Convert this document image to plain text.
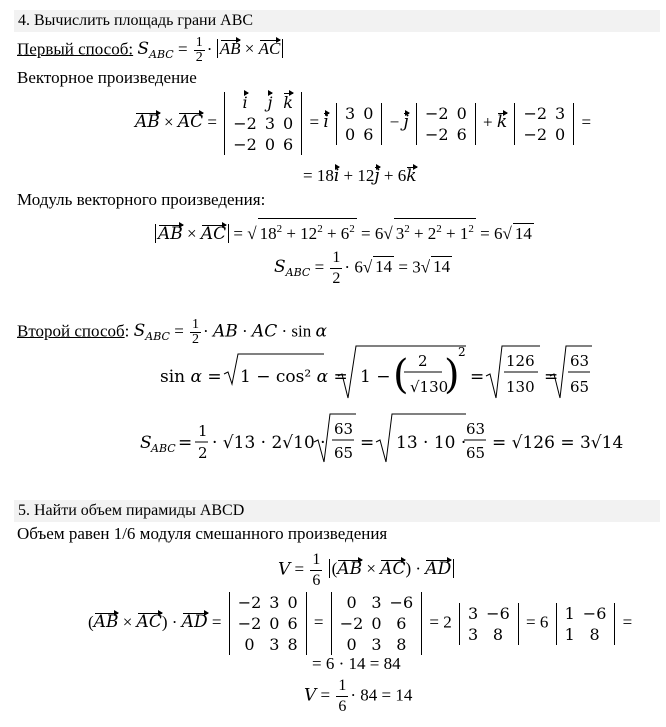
4. Вычислить площадь грани ABC
Первый способ: $S_{ABC} = \frac{1}{2}$ · AB × AC
Векторное произведение
AB × AC =
i	j	k
−2	3	0
−2	0	6
= i 3	0
0	6
− j −2	0
−2	6
+ k −2	3
−2	0
=
= 18i + 12j + 6k
Модуль векторного произведения:
AB × AC = √ $18^2 + 12^2 + 6^2 = 6√$ $3^2 + 2^2 + 1^2 = 6√$ 14
$S_{ABC} = \frac{1}{2} \cdot 6√$ 14 = 3√ 14
Второй способ: $S_{ABC} = \frac{1}{2}$ · AB · AC · sin α
sin α = 1 − cos² α = 1 − ( 2
√130
)
2
=
126
130 =
63
65
S ABC =
1
2 · √13 · 2√10 ·
63
65 = 13 · 10 ·
63
65 = √126 = 3√14
5. Найти объем пирамиды ABCD
Объем равен 1/6 модуля смешанного произведения
$V = \frac{1}{6} (AB \times AC)$ · AD
(AB × AC) · AD =
−2	3	0
−2	0	6
0	3	8
=
0	3	−6
−2	0	6
0	3	8
= 2 3	−6
3	8
= 6 1	−6
1	8
=
= 6 · 14 = 84
$V = \frac{1}{6} \cdot 84 = 14$
